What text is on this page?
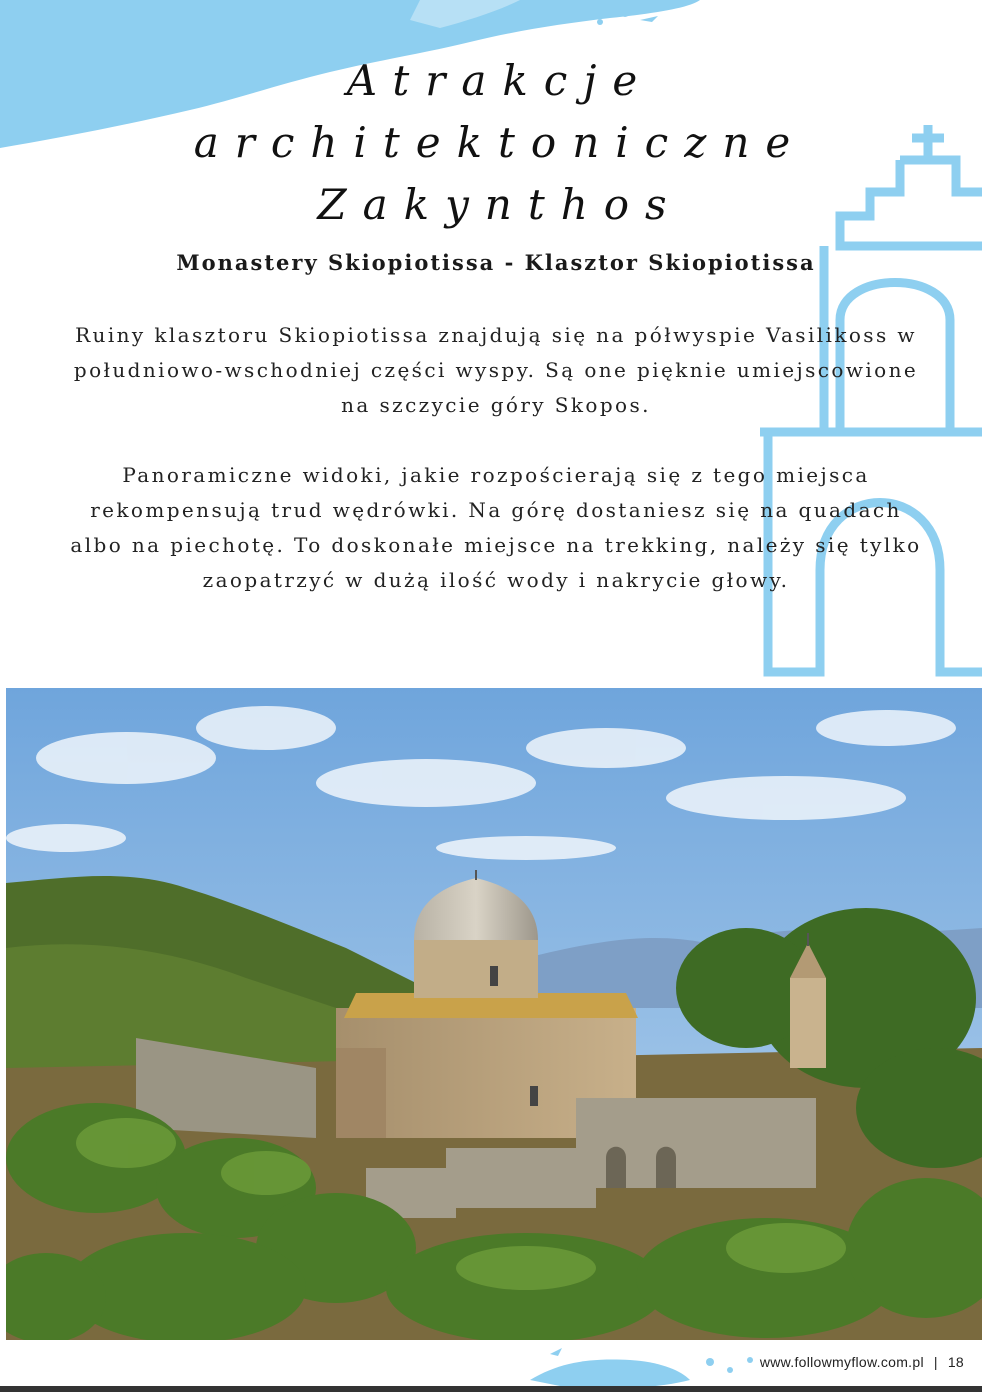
Atrakcje architektoniczne
Zakynthos
Monastery Skiopiotissa - Klasztor Skiopiotissa

Ruiny klasztoru Skiopiotissa znajdują się na półwyspie Vasilikoss w południowo-wschodniej części wyspy. Są one pięknie umiejscowione na szczycie góry Skopos.

Panoramiczne widoki, jakie rozpościerają się z tego miejsca rekompensują trud wędrówki. Na górę dostaniesz się na quadach albo na piechotę. To doskonałe miejsce na trekking, należy się tylko zaopatrzyć w dużą ilość wody i nakrycie głowy.

www.followmyflow.com.pl | 18
